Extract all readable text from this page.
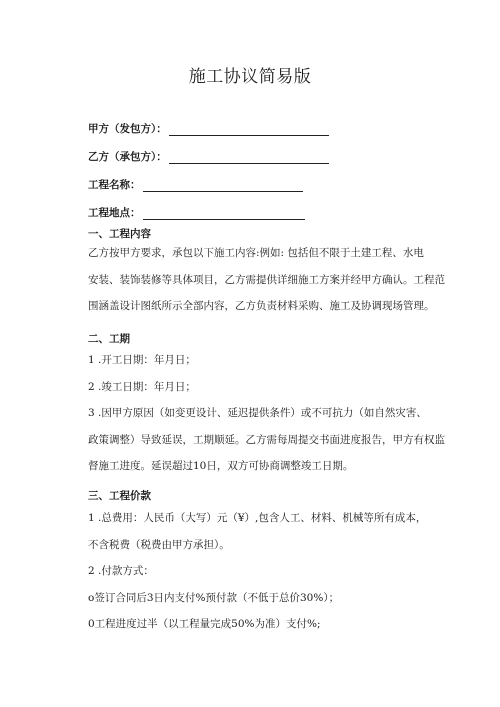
施工协议简易版
甲方（发包方）：
乙方（承包方）：
工程名称：
工程地点：
一、工程内容
乙方按甲方要求，承包以下施工内容:例如: 包括但不限于土建工程、水电
安装、装饰装修等具体项目，乙方需提供详细施工方案并经甲方确认。工程范
围涵盖设计图纸所示全部内容，乙方负责材料采购、施工及协调现场管理。
二、工期
1 .开工日期：年月日；
2 .竣工日期：年月日；
3 .因甲方原因（如变更设计、延迟提供条件）或不可抗力（如自然灾害、
政策调整）导致延误，工期顺延。乙方需每周提交书面进度报告，甲方有权监
督施工进度。延误超过10日，双方可协商调整竣工日期。
三、工程价款
1 .总费用：人民币（大写）元（¥）,包含人工、材料、机械等所有成本，
不含税费（税费由甲方承担）。
2 .付款方式：
o签订合同后3日内支付%预付款（不低于总价30%）；
0工程进度过半（以工程量完成50%为准）支付%;
